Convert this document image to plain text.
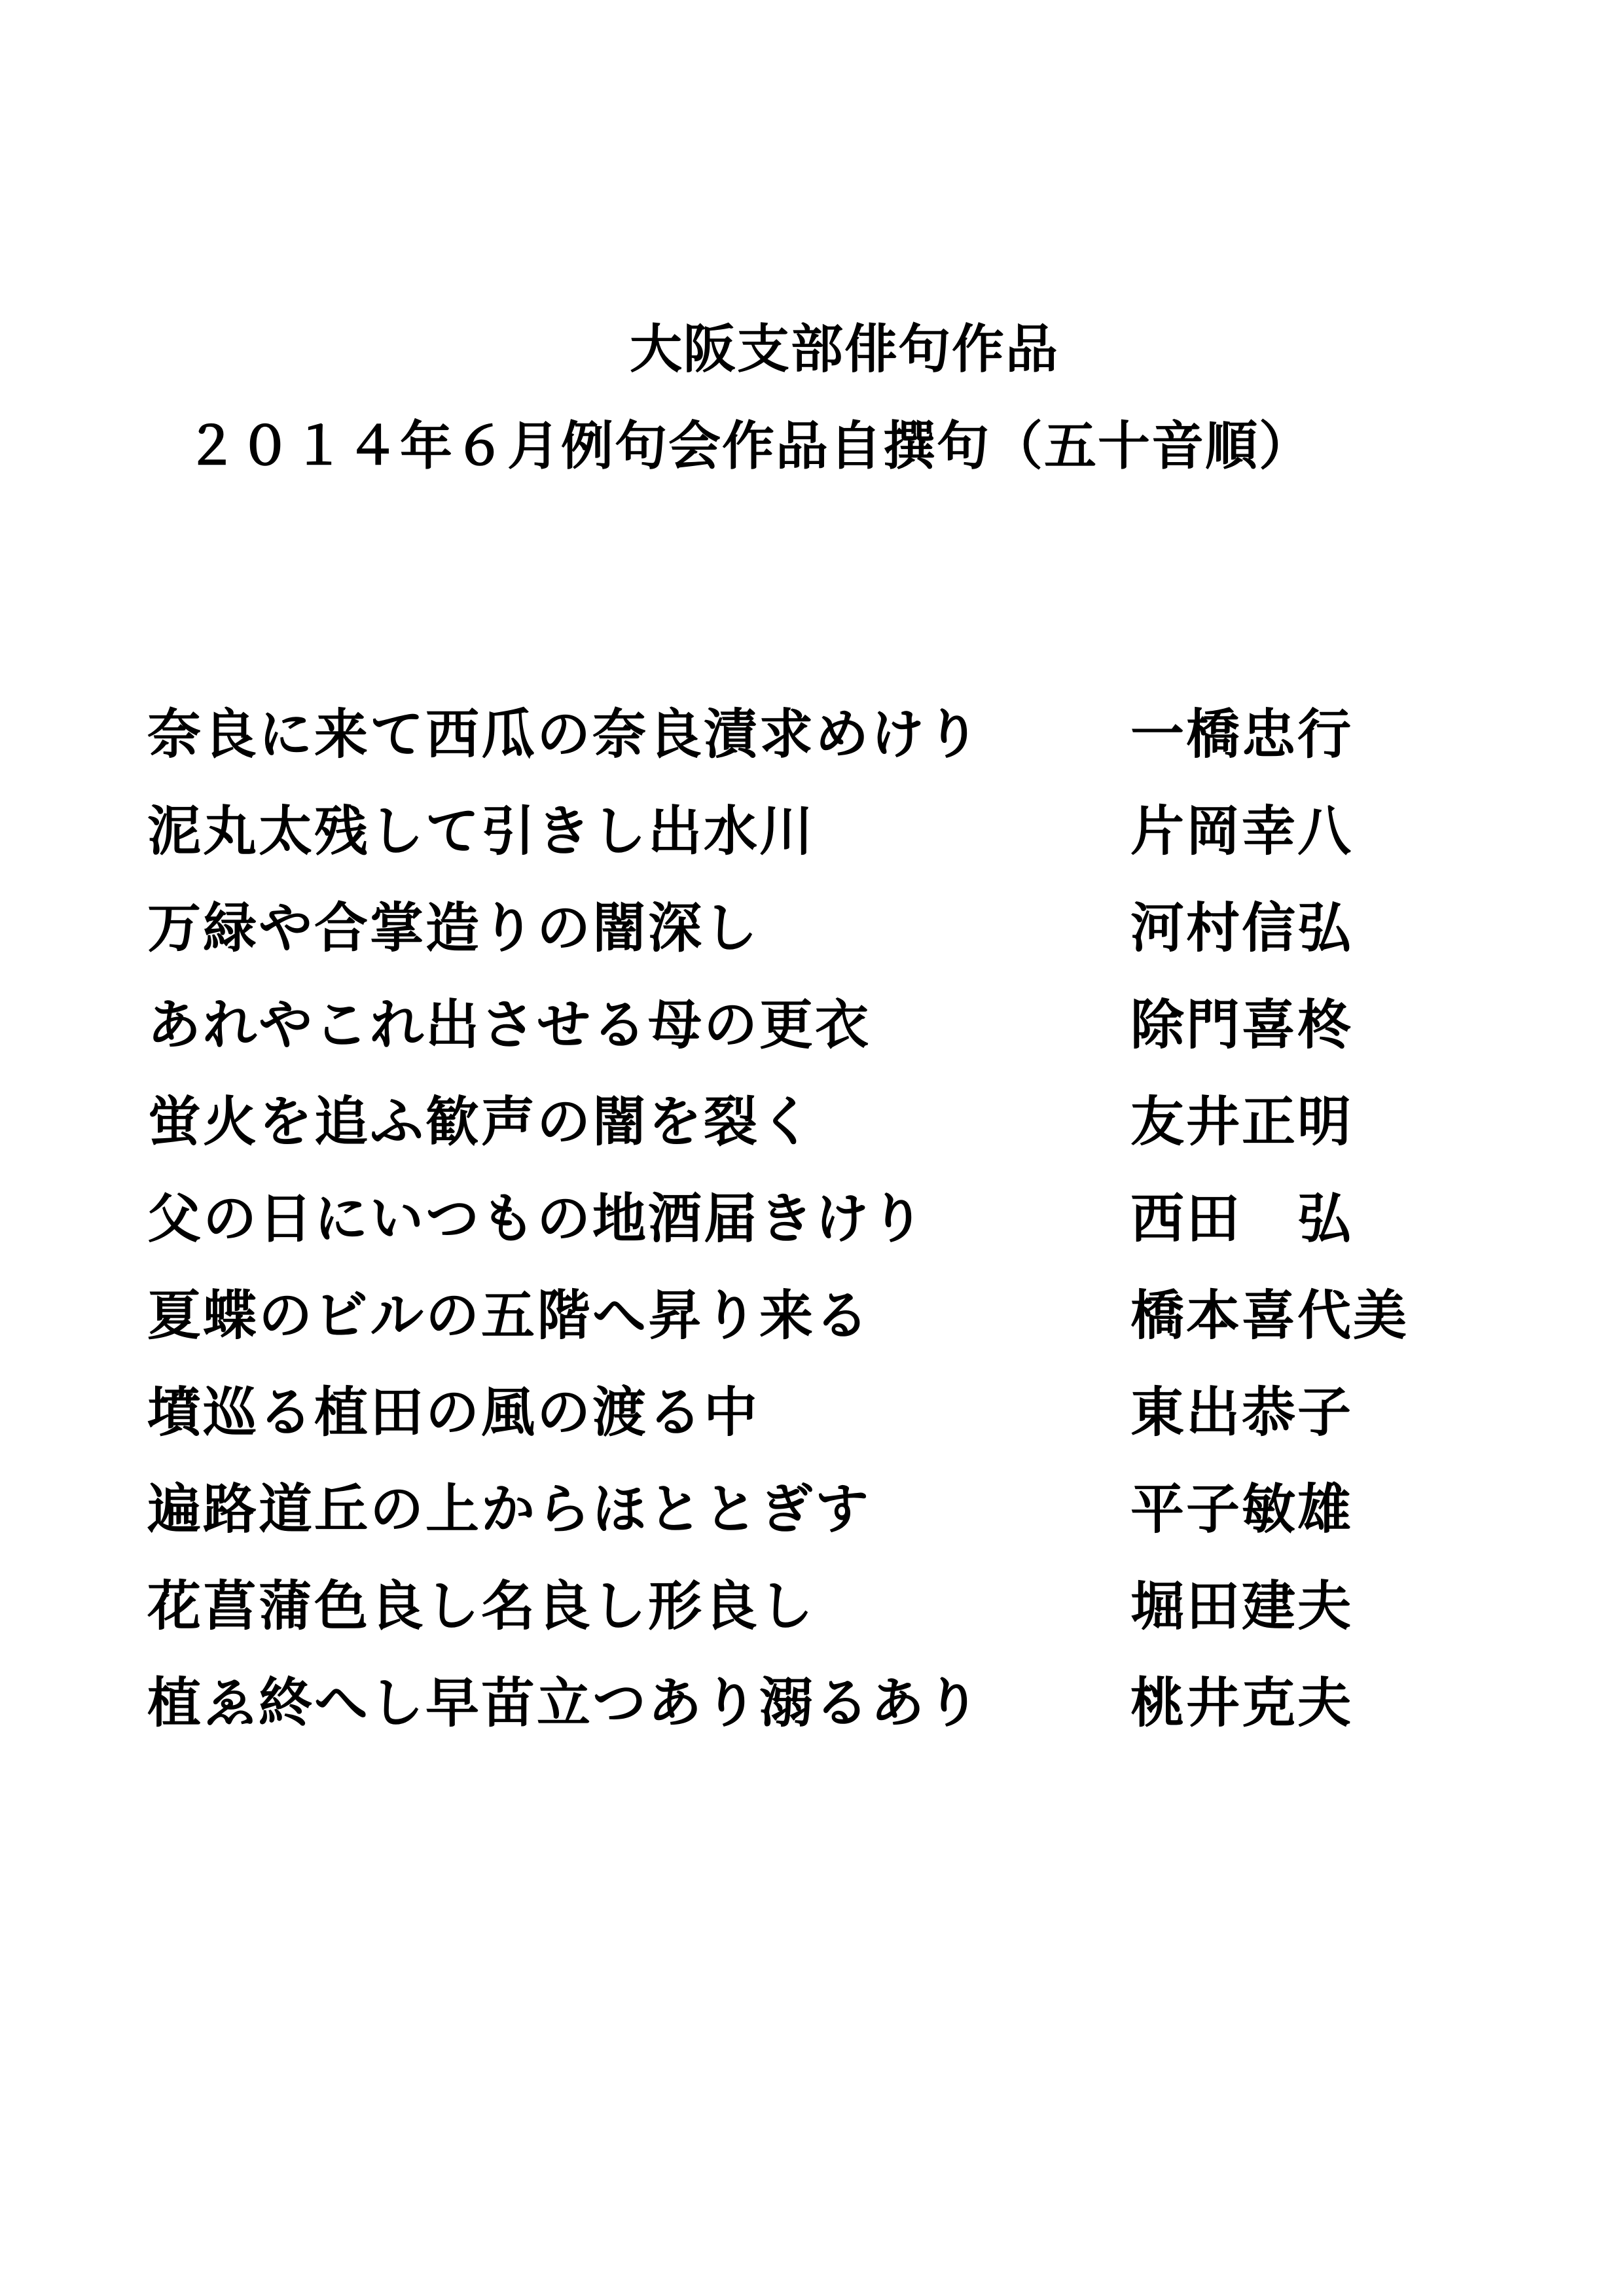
大阪支部俳句作品
２０１４年６月例句会作品自撰句（五十音順）
奈良に来て西瓜の奈良漬求めけり	一橋忠行
泥丸太残して引きし出水川	片岡幸八
万緑や合掌造りの闇深し	河村信弘
あれやこれ出させる母の更衣	除門喜柊
蛍火を追ふ歓声の闇を裂く	友井正明
父の日にいつもの地酒届きけり	西田　弘
夏蝶のビルの五階へ昇り来る	橋本喜代美
墳巡る植田の風の渡る中	東出恭子
遍路道丘の上からほととぎす	平子敏雄
花菖蒲色良し名良し形良し	堀田建夫
植ゑ終へし早苗立つあり溺るあり	桃井克夫
